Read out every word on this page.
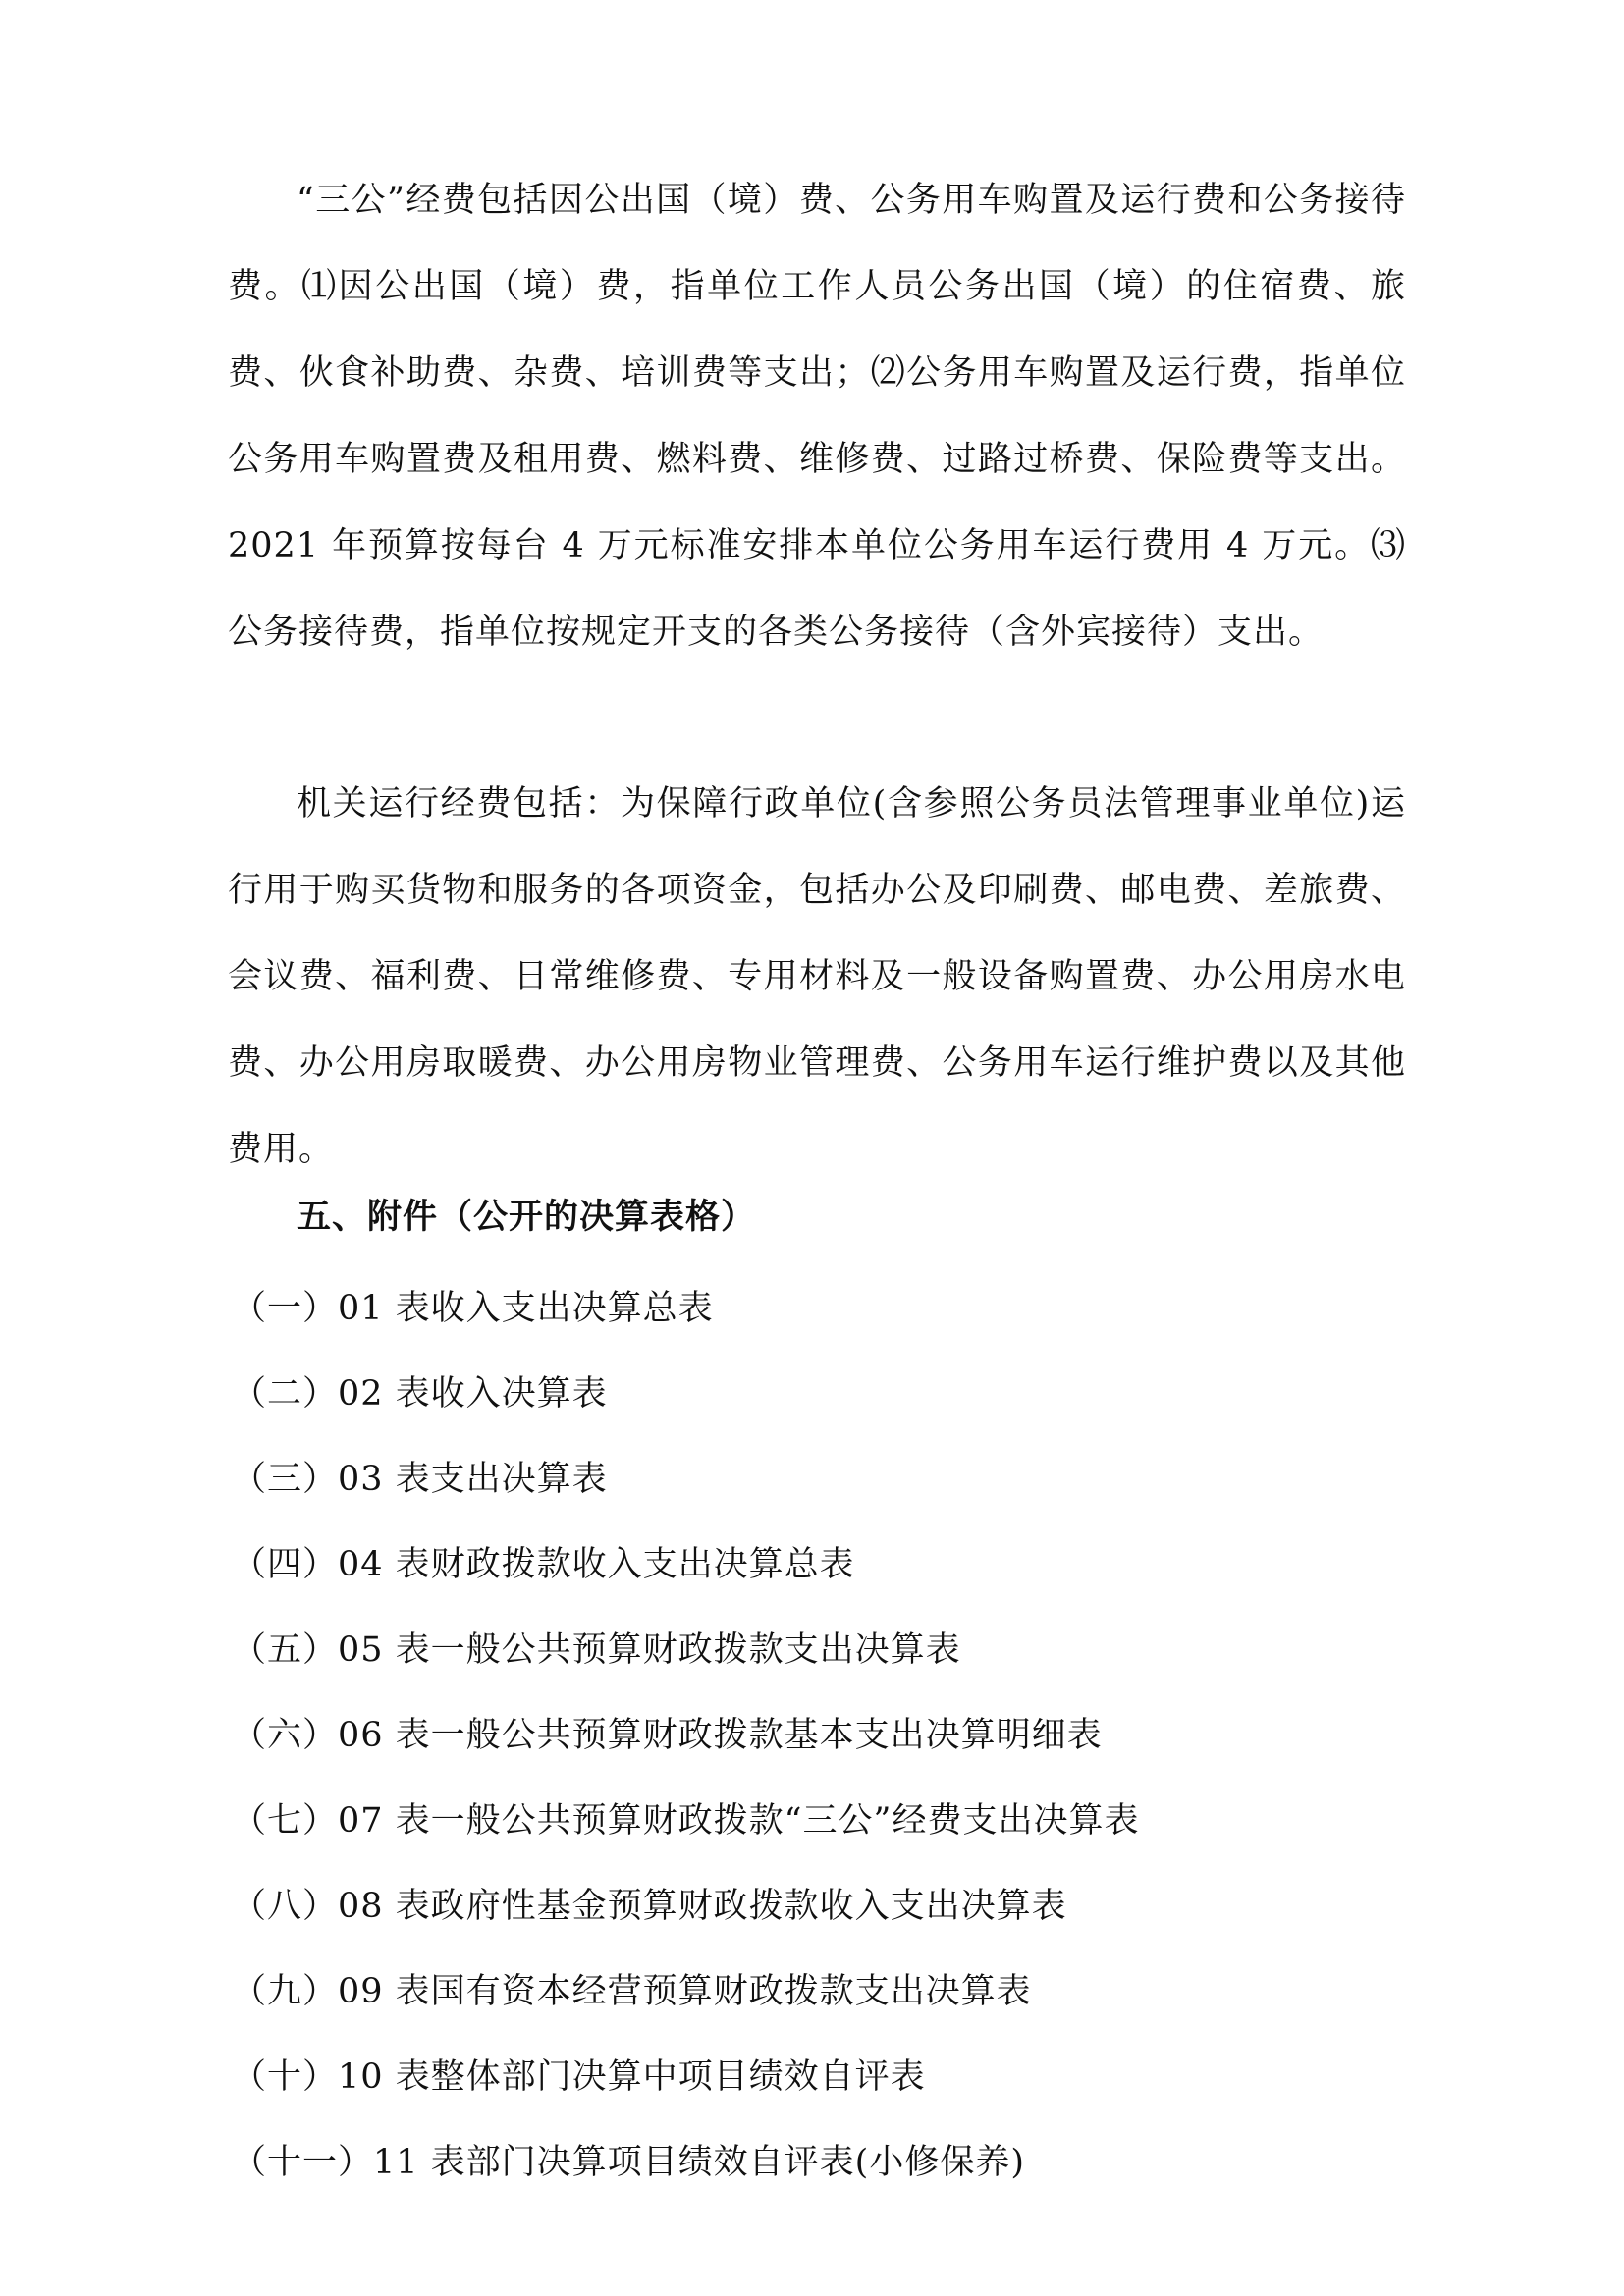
“三公”经费包括因公出国（境）费、公务用车购置及运行费和公务接待费。⑴因公出国（境）费，指单位工作人员公务出国（境）的住宿费、旅费、伙食补助费、杂费、培训费等支出；⑵公务用车购置及运行费，指单位公务用车购置费及租用费、燃料费、维修费、过路过桥费、保险费等支出。2021 年预算按每台 4 万元标准安排本单位公务用车运行费用 4 万元。⑶公务接待费，指单位按规定开支的各类公务接待（含外宾接待）支出。

机关运行经费包括：为保障行政单位(含参照公务员法管理事业单位)运行用于购买货物和服务的各项资金，包括办公及印刷费、邮电费、差旅费、会议费、福利费、日常维修费、专用材料及一般设备购置费、办公用房水电费、办公用房取暖费、办公用房物业管理费、公务用车运行维护费以及其他费用。

五、附件（公开的决算表格）
（一）01 表收入支出决算总表
（二）02 表收入决算表
（三）03 表支出决算表
（四）04 表财政拨款收入支出决算总表
（五）05 表一般公共预算财政拨款支出决算表
（六）06 表一般公共预算财政拨款基本支出决算明细表
（七）07 表一般公共预算财政拨款“三公”经费支出决算表
（八）08 表政府性基金预算财政拨款收入支出决算表
（九）09 表国有资本经营预算财政拨款支出决算表
（十）10 表整体部门决算中项目绩效自评表
（十一）11 表部门决算项目绩效自评表(小修保养)
